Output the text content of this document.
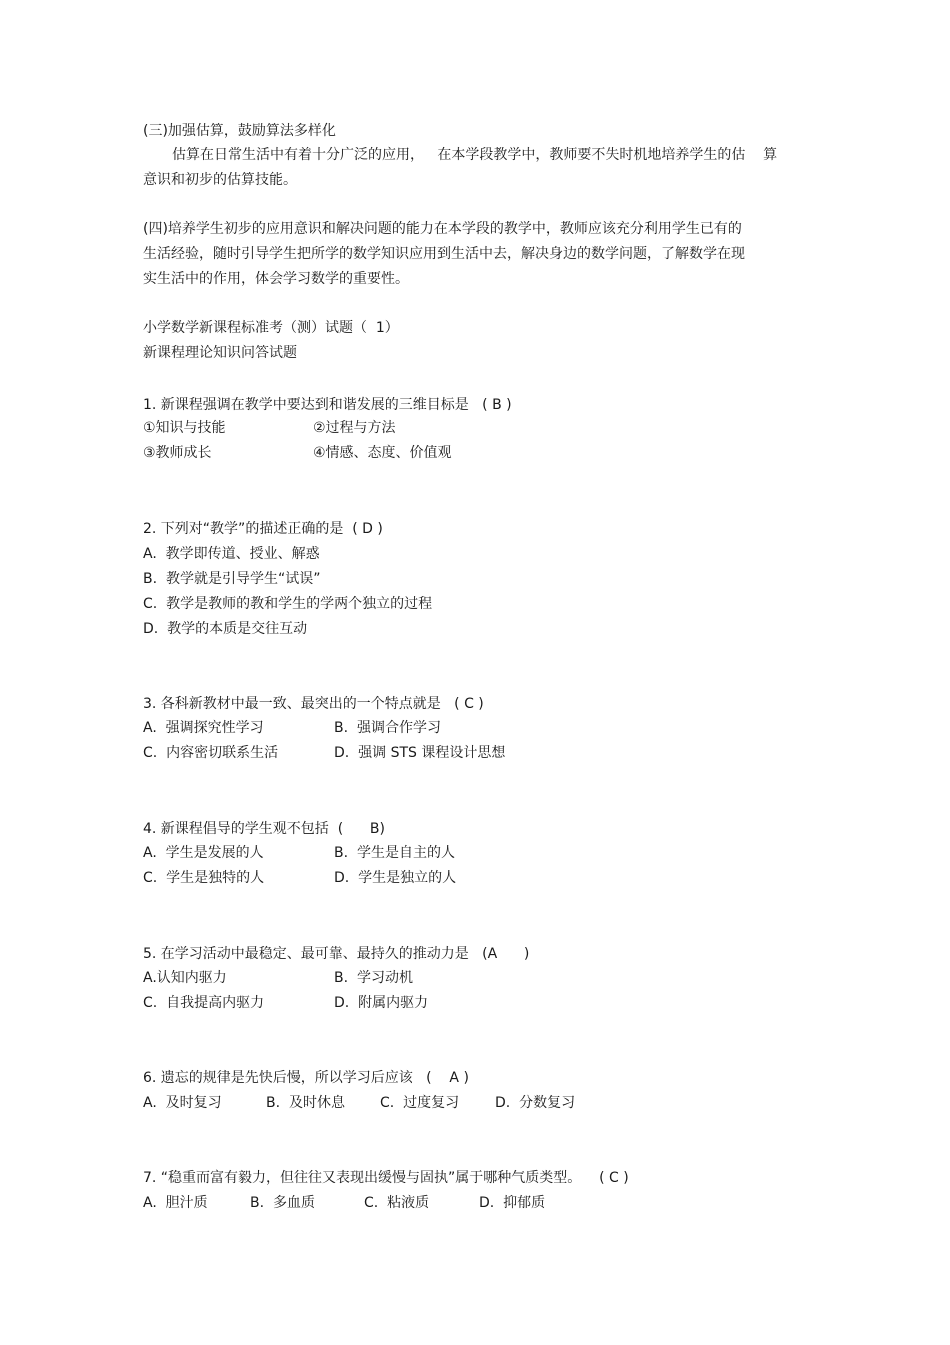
(三)加强估算，鼓励算法多样化
估算在日常生活中有着十分广泛的应用，   在本学段教学中，教师要不失时机地培养学生的估    算
意识和初步的估算技能。
(四)培养学生初步的应用意识和解决问题的能力在本学段的教学中，教师应该充分利用学生已有的
生活经验，随时引导学生把所学的数学知识应用到生活中去，解决身边的数学问题，了解数学在现
实生活中的作用，体会学习数学的重要性。
小学数学新课程标准考（测）试题（  1）
新课程理论知识问答试题
1. 新课程强调在教学中要达到和谐发展的三维目标是   ( B )
①知识与技能	②过程与方法
③教师成长	④情感、态度、价值观
2. 下列对“教学”的描述正确的是  ( D )
A.  教学即传道、授业、解惑
B.  教学就是引导学生“试误”
C.  教学是教师的教和学生的学两个独立的过程
D.  教学的本质是交往互动
3. 各科新教材中最一致、最突出的一个特点就是   ( C )
A.  强调探究性学习	B.  强调合作学习
C.  内容密切联系生活	D.  强调 STS 课程设计思想
4. 新课程倡导的学生观不包括  (      B)
A.  学生是发展的人	B.  学生是自主的人
C.  学生是独特的人	D.  学生是独立的人
5. 在学习活动中最稳定、最可靠、最持久的推动力是   (A      )
A.认知内驱力	B.  学习动机
C.  自我提高内驱力	D.  附属内驱力
6. 遗忘的规律是先快后慢，所以学习后应该   (    A )
A.  及时复习	B.  及时休息	C.  过度复习	D.  分数复习
7. “稳重而富有毅力，但往往又表现出缓慢与固执”属于哪种气质类型。    ( C )
A.  胆汁质	B.  多血质	C.  粘液质	D.  抑郁质
